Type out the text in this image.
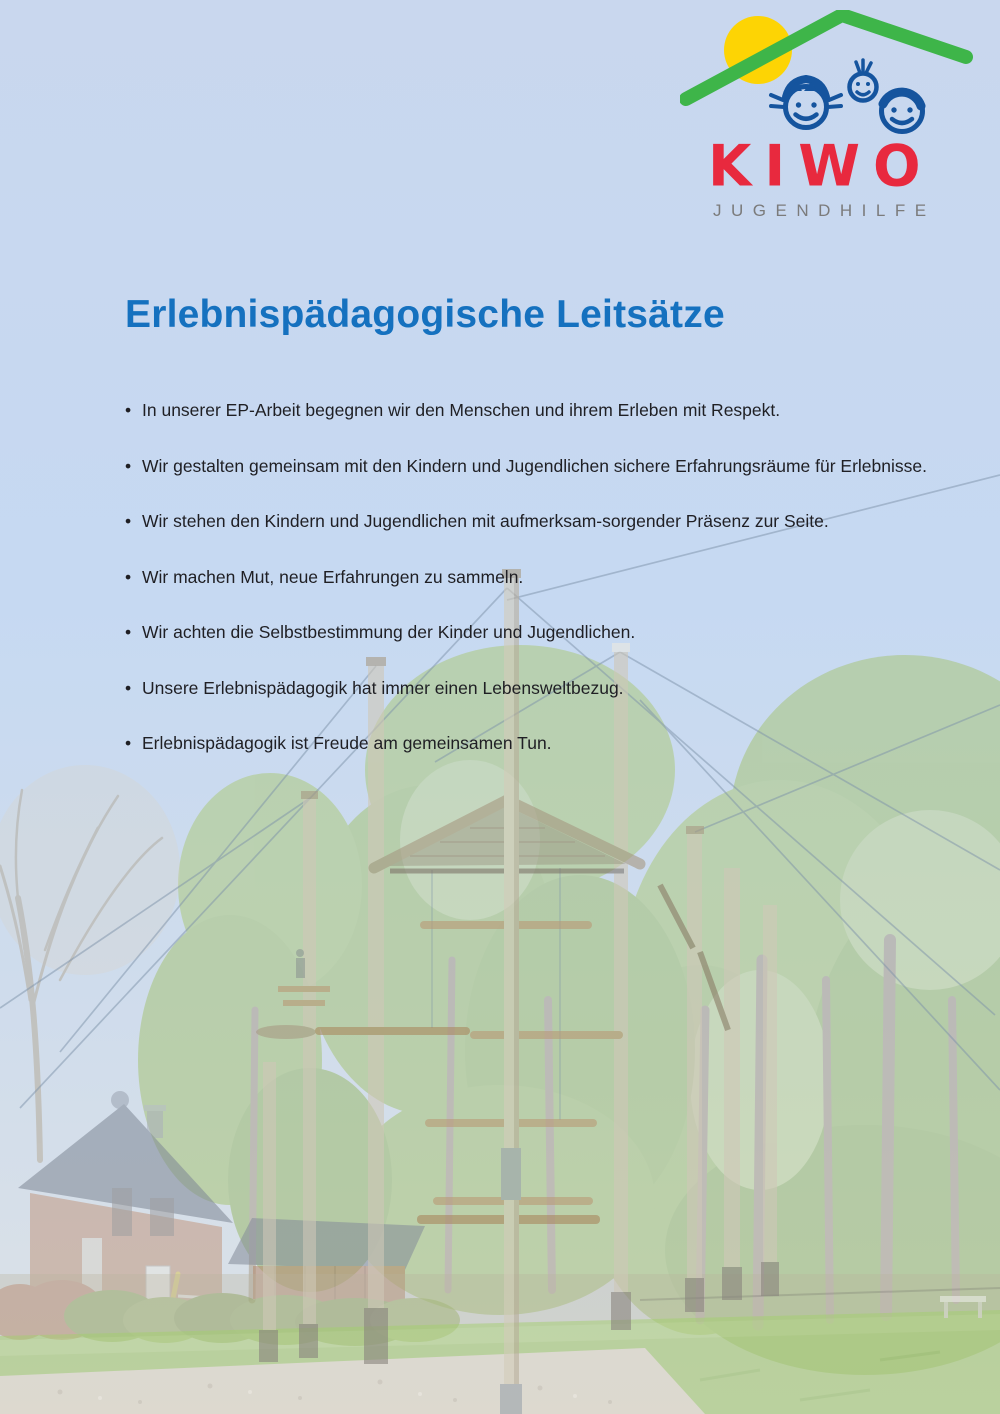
KIWO
JUGENDHILFE
Erlebnispädagogische Leitsätze
• In unserer EP-Arbeit begegnen wir den Menschen und ihrem Erleben mit Respekt.
• Wir gestalten gemeinsam mit den Kindern und Jugendlichen sichere Erfahrungsräume für Erlebnisse.
• Wir stehen den Kindern und Jugendlichen mit aufmerksam-sorgender Präsenz zur Seite.
• Wir machen Mut, neue Erfahrungen zu sammeln.
• Wir achten die Selbstbestimmung der Kinder und Jugendlichen.
• Unsere Erlebnispädagogik hat immer einen Lebensweltbezug.
• Erlebnispädagogik ist Freude am gemeinsamen Tun.
